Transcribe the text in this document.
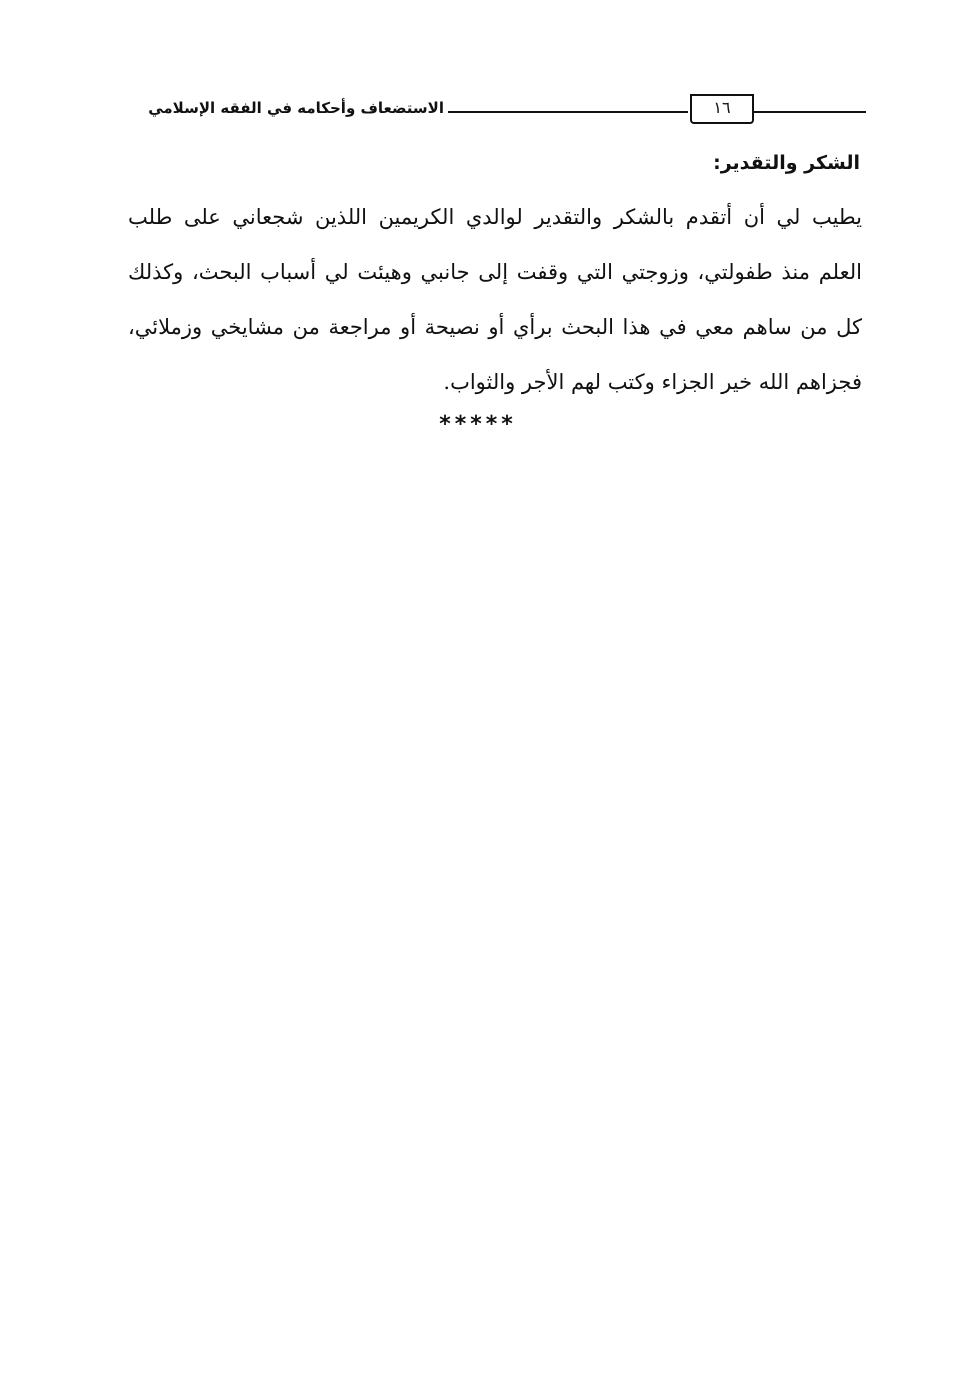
١٦
الاستضعاف وأحكامه في الفقه الإسلامي
الشكر والتقدير:
يطيب لي أن أتقدم بالشكر والتقدير لوالدي الكريمين اللذين شجعاني على طلب
العلم منذ طفولتي، وزوجتي التي وقفت إلى جانبي وهيئت لي أسباب البحث، وكذلك
كل من ساهم معي في هذا البحث برأي أو نصيحة أو مراجعة من مشايخي وزملائي،
فجزاهم الله خير الجزاء وكتب لهم الأجر والثواب.
*****
